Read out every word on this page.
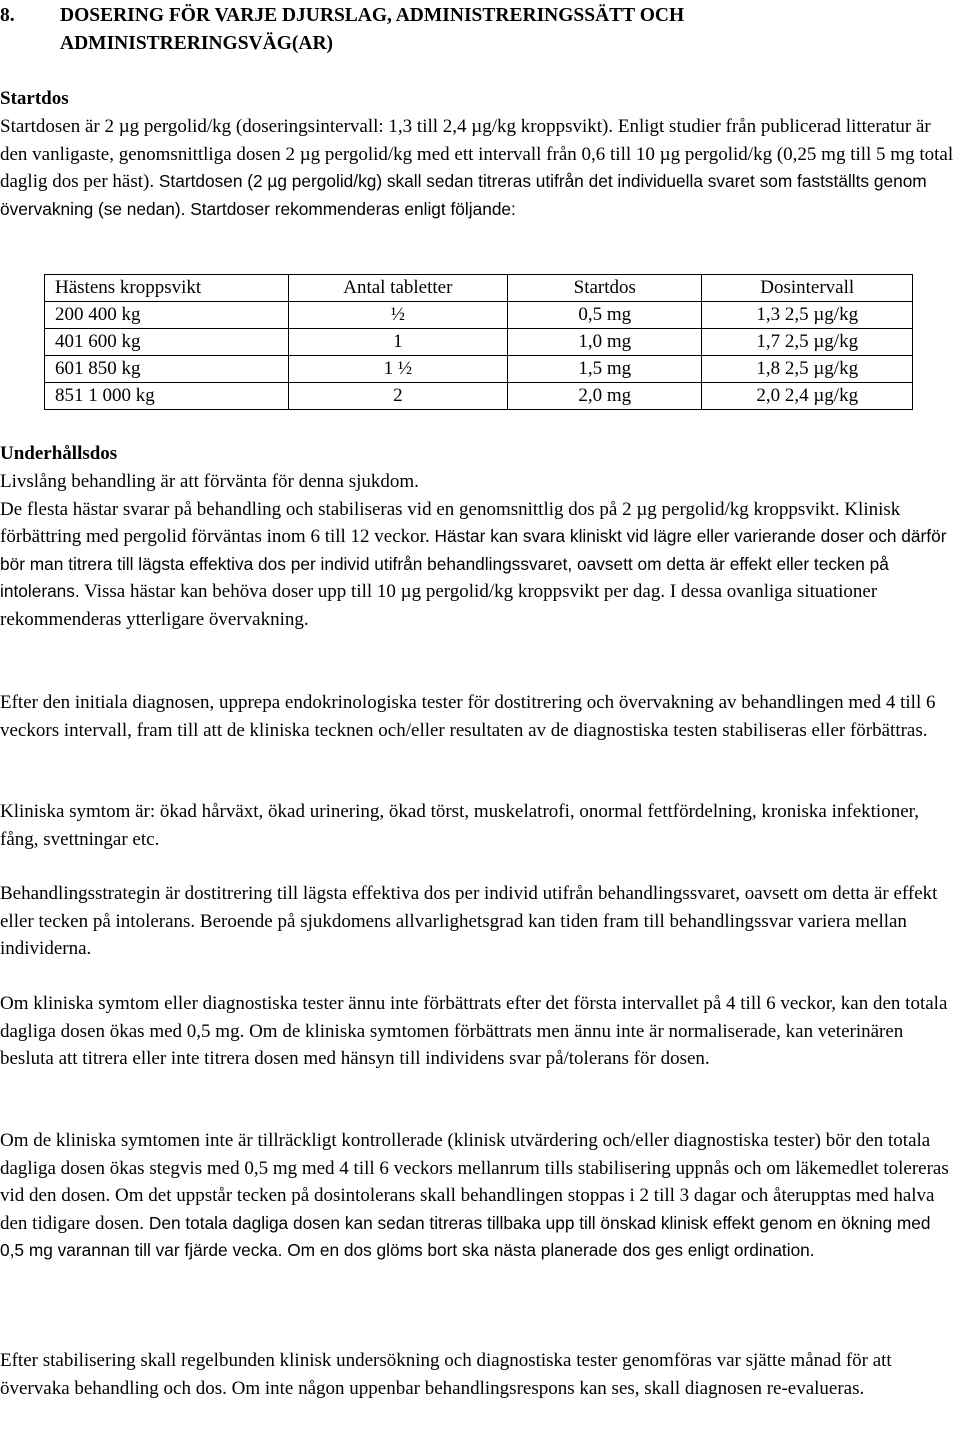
8. DOSERING FÖR VARJE DJURSLAG, ADMINISTRERINGSSÄTT OCH
ADMINISTRERINGSVÄG(AR)
Startdos
Startdosen är 2 µg pergolid/kg (doseringsintervall: 1,3 till 2,4 µg/kg kroppsvikt). Enligt studier från publicerad litteratur är den vanligaste, genomsnittliga dosen 2 µg pergolid/kg med ett intervall från 0,6 till 10 µg pergolid/kg (0,25 mg till 5 mg total daglig dos per häst). Startdosen (2 µg pergolid/kg) skall sedan titreras utifrån det individuella svaret som fastställts genom övervakning (se nedan). Startdoser rekommenderas enligt följande:
Hästens kroppsvikt	Antal tabletter	Startdos	Dosintervall
200 400 kg	½	0,5 mg	1,3 2,5 µg/kg
401 600 kg	1	1,0 mg	1,7 2,5 µg/kg
601 850 kg	1 ½	1,5 mg	1,8 2,5 µg/kg
851 1 000 kg	2	2,0 mg	2,0 2,4 µg/kg
Underhållsdos
Livslång behandling är att förvänta för denna sjukdom.
De flesta hästar svarar på behandling och stabiliseras vid en genomsnittlig dos på 2 µg pergolid/kg kroppsvikt. Klinisk förbättring med pergolid förväntas inom 6 till 12 veckor. Hästar kan svara kliniskt vid lägre eller varierande doser och därför bör man titrera till lägsta effektiva dos per individ utifrån behandlingssvaret, oavsett om detta är effekt eller tecken på intolerans. Vissa hästar kan behöva doser upp till 10 µg pergolid/kg kroppsvikt per dag. I dessa ovanliga situationer rekommenderas ytterligare övervakning.
Efter den initiala diagnosen, upprepa endokrinologiska tester för dostitrering och övervakning av behandlingen med 4 till 6 veckors intervall, fram till att de kliniska tecknen och/eller resultaten av de diagnostiska testen stabiliseras eller förbättras.
Kliniska symtom är: ökad hårväxt, ökad urinering, ökad törst, muskelatrofi, onormal fettfördelning, kroniska infektioner, fång, svettningar etc.
Behandlingsstrategin är dostitrering till lägsta effektiva dos per individ utifrån behandlingssvaret, oavsett om detta är effekt eller tecken på intolerans. Beroende på sjukdomens allvarlighetsgrad kan tiden fram till behandlingssvar variera mellan individerna.
Om kliniska symtom eller diagnostiska tester ännu inte förbättrats efter det första intervallet på 4 till 6 veckor, kan den totala dagliga dosen ökas med 0,5 mg. Om de kliniska symtomen förbättrats men ännu inte är normaliserade, kan veterinären besluta att titrera eller inte titrera dosen med hänsyn till individens svar på/tolerans för dosen.
Om de kliniska symtomen inte är tillräckligt kontrollerade (klinisk utvärdering och/eller diagnostiska tester) bör den totala dagliga dosen ökas stegvis med 0,5 mg med 4 till 6 veckors mellanrum tills stabilisering uppnås och om läkemedlet tolereras vid den dosen. Om det uppstår tecken på dosintolerans skall behandlingen stoppas i 2 till 3 dagar och återupptas med halva den tidigare dosen. Den totala dagliga dosen kan sedan titreras tillbaka upp till önskad klinisk effekt genom en ökning med 0,5 mg varannan till var fjärde vecka. Om en dos glöms bort ska nästa planerade dos ges enligt ordination.
Efter stabilisering skall regelbunden klinisk undersökning och diagnostiska tester genomföras var sjätte månad för att övervaka behandling och dos. Om inte någon uppenbar behandlingsrespons kan ses, skall diagnosen re-evalueras.
